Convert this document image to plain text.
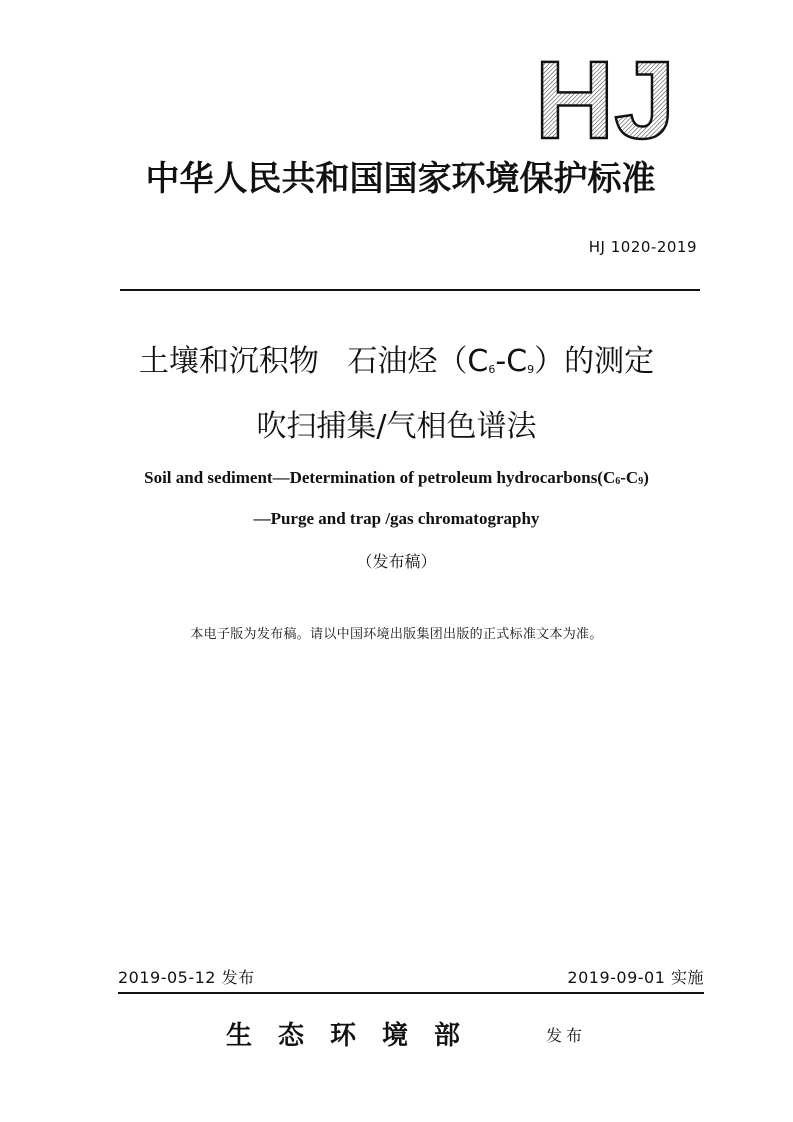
HJ
中华人民共和国国家环境保护标准
HJ 1020-2019
土壤和沉积物   石油烃$(C_6-C_9)$的测定
吹扫捕集/气相色谱法
Soil and sediment—Determination of petroleum $hydrocarbons(C_6-C_9)$
—Purge and trap /gas chromatography
（发布稿）
本电子版为发布稿。请以中国环境出版集团出版的正式标准文本为准。
2019-05-12 发布	2019-09-01 实施
生态环境部	发布
